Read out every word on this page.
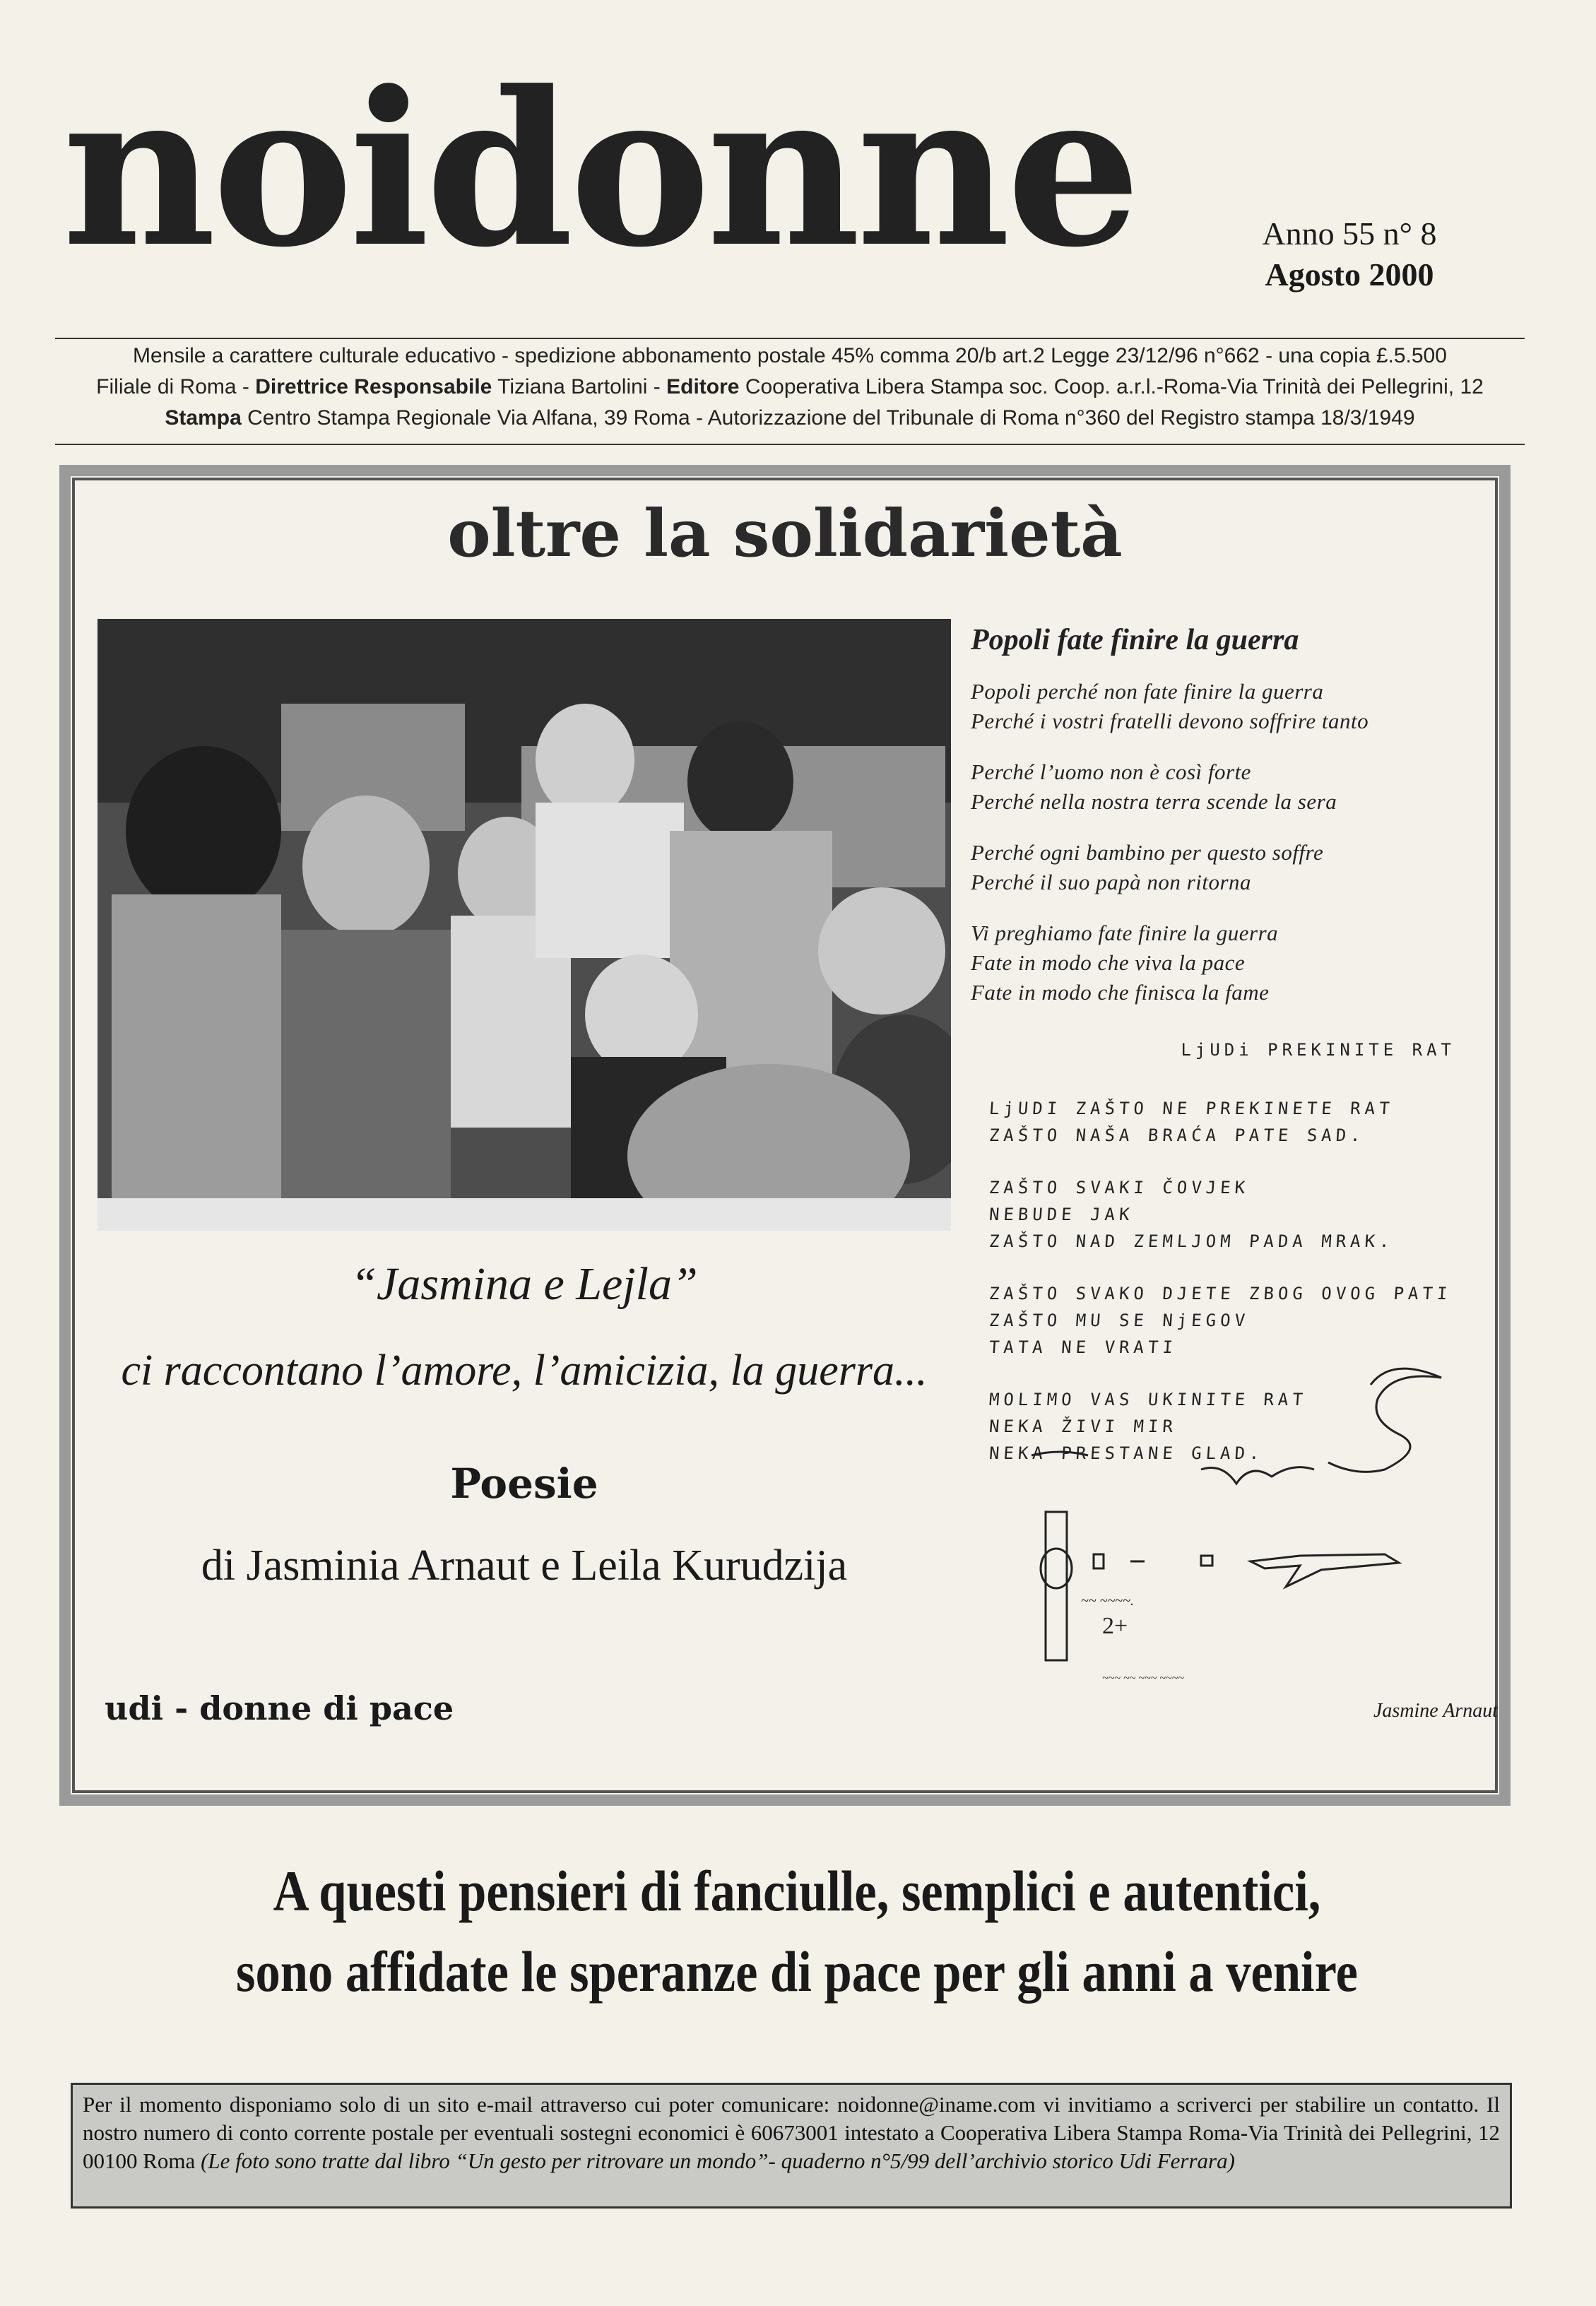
noidonne	Anno 55 n° 8
Agosto 2000
Mensile a carattere culturale educativo - spedizione abbonamento postale 45% comma 20/b art.2 Legge 23/12/96 n°662 - una copia £.5.500
Filiale di Roma - Direttrice Responsabile Tiziana Bartolini - Editore Cooperativa Libera Stampa soc. Coop. a.r.l.-Roma-Via Trinità dei Pellegrini, 12
Stampa Centro Stampa Regionale Via Alfana, 39 Roma - Autorizzazione del Tribunale di Roma n°360 del Registro stampa 18/3/1949
oltre la solidarietà
“Jasmina e Lejla”
ci raccontano l’amore, l’amicizia, la guerra...
Poesie
di Jasminia Arnaut e Leila Kurudzija
udi - donne di pace
Popoli fate finire la guerra
Popoli perché non fate finire la guerra
Perché i vostri fratelli devono soffrire tanto
Perché l’uomo non è così forte
Perché nella nostra terra scende la sera
Perché ogni bambino per questo soffre
Perché il suo papà non ritorna
Vi preghiamo fate finire la guerra
Fate in modo che viva la pace
Fate in modo che finisca la fame
LjUDi PREKINITE RAT
LjUDI ZAŠTO NE PREKINETE RAT
ZAŠTO NAŠA BRAĆA PATE SAD.
ZAŠTO SVAKI ČOVJEK
NEBUDE JAK
ZAŠTO NAD ZEMLJOM PADA MRAK.
ZAŠTO SVAKO DJETE ZBOG OVOG PATI
ZAŠTO MU SE NjEGOV
TATA NE VRATI
MOLIMO VAS UKINITE RAT
NEKA ŽIVI MIR
NEKA PRESTANE GLAD.
~~ ~~~~.
2+
~~~ ~~ ~~~ ~~~~
Jasmine Arnaut
A questi pensieri di fanciulle, semplici e autentici,
sono affidate le speranze di pace per gli anni a venire
Per il momento disponiamo solo di un sito e-mail attraverso cui poter comunicare: noidonne@iname.com vi invitiamo a scriverci per stabilire un contatto. Il nostro numero di conto corrente postale per eventuali sostegni economici è 60673001 intestato a Cooperativa Libera Stampa Roma-Via Trinità dei Pellegrini, 12 00100 Roma (Le foto sono tratte dal libro “Un gesto per ritrovare un mondo”- quaderno n°5/99 dell’archivio storico Udi Ferrara)
